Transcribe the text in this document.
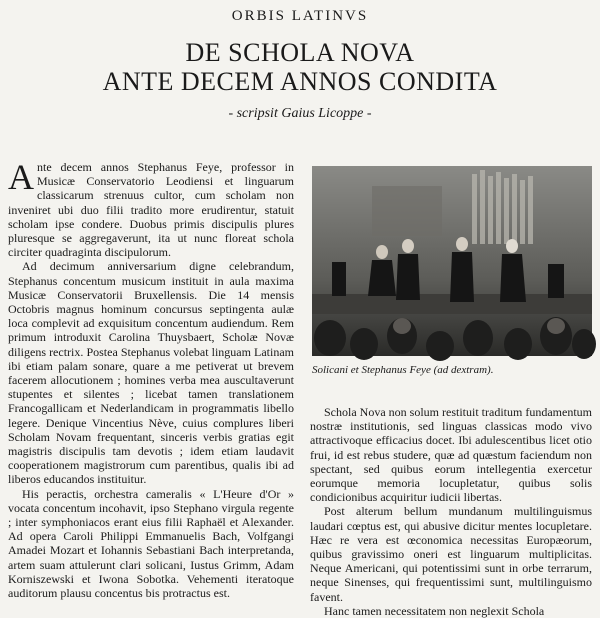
ORBIS LATINVS
DE SCHOLA NOVA
ANTE DECEM ANNOS CONDITA
- scripsit Gaius Licoppe -

Ante decem annos Stephanus Feye, professor in Musicæ Conservatorio Leodiensi et linguarum classicarum strenuus cultor, cum scholam non inveniret ubi duo filii tradito more erudirentur, statuit scholam ipse condere. Duobus primis discipulis plures pluresque se aggregaverunt, ita ut nunc floreat schola circiter quadraginta discipulorum.

Ad decimum anniversarium digne celebrandum, Stephanus concentum musicum instituit in aula maxima Musicæ Conservatorii Bruxellensis. Die 14 mensis Octobris magnus hominum concursus septingenta aulæ loca complevit ad exquisitum concentum audiendum. Rem primum introduxit Carolina Thuysbaert, Scholæ Novæ diligens rectrix. Postea Stephanus volebat linguam Latinam ibi etiam palam sonare, quare a me petiverat ut brevem facerem allocutionem ; homines verba mea auscultaverunt stupentes et silentes ; licebat tamen translationem Francogallicam et Nederlandicam in programmatis libello legere. Denique Vincentius Nève, cuius complures liberi Scholam Novam frequentant, sinceris verbis gratias egit magistris discipulis tam devotis ; idem etiam laudavit cooperationem magistrorum cum parentibus, qualis ibi ad liberos educandos instituitur.

His peractis, orchestra cameralis « L'Heure d'Or » vocata concentum incohavit, ipso Stephano virgula regente ; inter symphoniacos erant eius filii Raphaël et Alexander. Ad opera Caroli Philippi Emmanuelis Bach, Volfgangi Amadei Mozart et Iohannis Sebastiani Bach interpretanda, artem suam attulerunt clari solicani, Iustus Grimm, Adam Korniszewski et Iwona Sobotka. Vehementi iteratoque auditorum plausu concentus bis protractus est.

Solicani et Stephanus Feye (ad dextram).

Schola Nova non solum restituit traditum fundamentum nostræ institutionis, sed linguas classicas modo vivo attractivoque efficacius docet. Ibi adulescentibus licet otio frui, id est rebus studere, quæ ad quæstum faciendum non spectant, sed quibus eorum intellegentia exercetur eorumque memoria locupletatur, quibus solis condicionibus acquiritur iudicii libertas.

Post alterum bellum mundanum multilinguismus laudari cœptus est, qui abusive dicitur mentes locupletare. Hæc re vera est œconomica necessitas Europæorum, quibus gravissimo oneri est linguarum multiplicitas. Neque Americani, qui potentissimi sunt in orbe terrarum, neque Sinenses, qui frequentissimi sunt, multilinguismo favent.

Hanc tamen necessitatem non neglexit Schola
